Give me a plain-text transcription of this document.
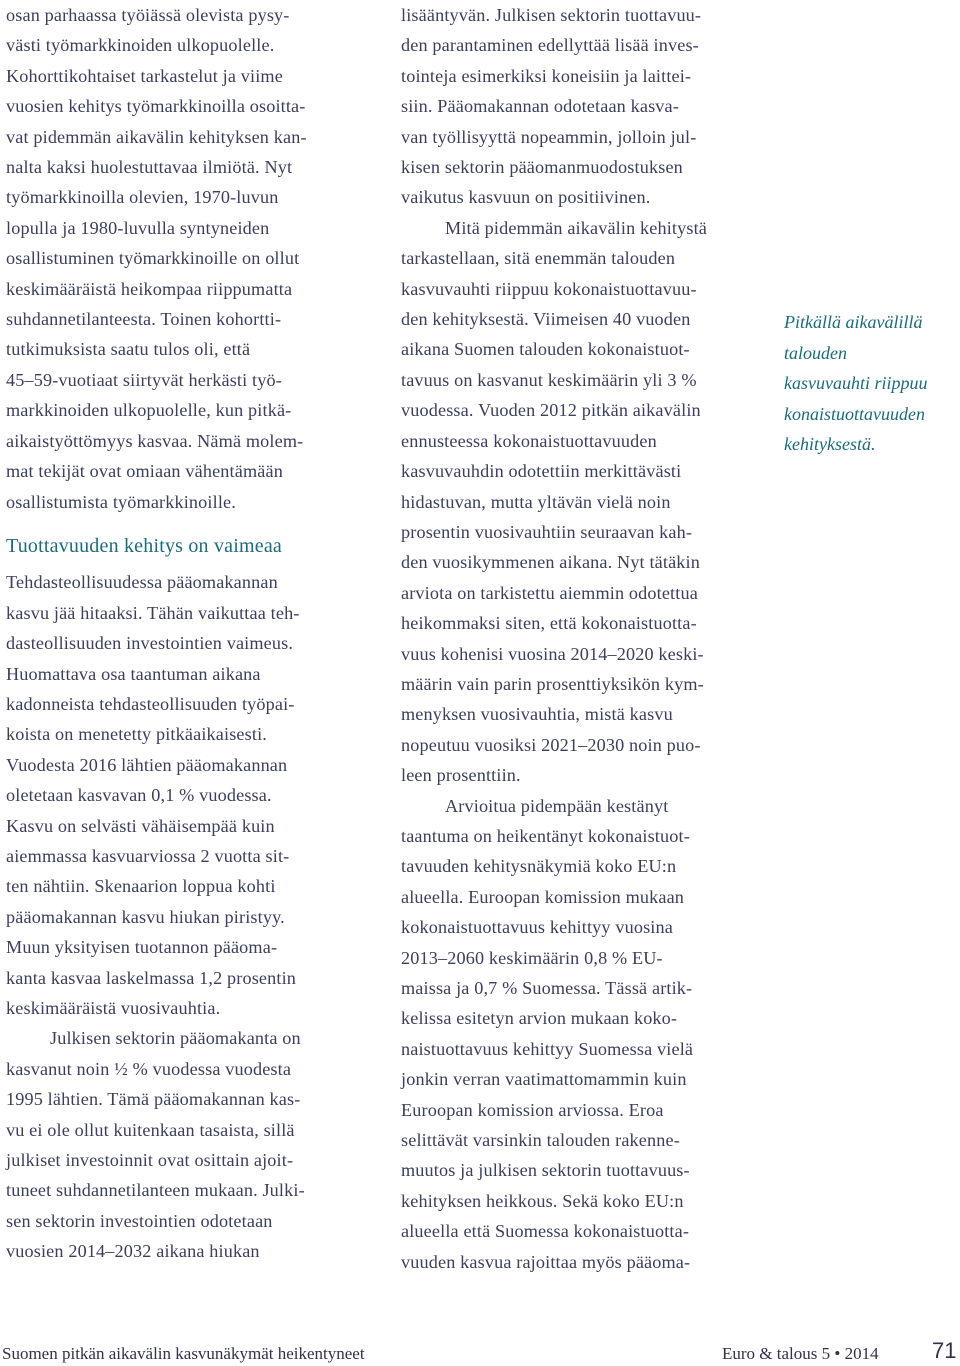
osan parhaassa työiässä olevista pysy-
västi työmarkkinoiden ulkopuolelle.
Kohorttikohtaiset tarkastelut ja viime
vuosien kehitys työmarkkinoilla osoitta-
vat pidemmän aikavälin kehityksen kan-
nalta kaksi huolestuttavaa ilmiötä. Nyt
työmarkkinoilla olevien, 1970-luvun
lopulla ja 1980-luvulla syntyneiden
osallistuminen työmarkkinoille on ollut
keskimääräistä heikompaa riippumatta
suhdannetilanteesta. Toinen kohortti-
tutkimuksista saatu tulos oli, että
45–59-vuotiaat siirtyvät herkästi työ-
markkinoiden ulkopuolelle, kun pitkä-
aikaistyöttömyys kasvaa. Nämä molem-
mat tekijät ovat omiaan vähentämään
osallistumista työmarkkinoille.
Tuottavuuden kehitys on vaimeaa
Tehdasteollisuudessa pääomakannan
kasvu jää hitaaksi. Tähän vaikuttaa teh-
dasteollisuuden investointien vaimeus.
Huomattava osa taantuman aikana
kadonneista tehdasteollisuuden työpai-
koista on menetetty pitkäaikaisesti.
Vuodesta 2016 lähtien pääomakannan
oletetaan kasvavan 0,1 % vuodessa.
Kasvu on selvästi vähäisempää kuin
aiemmassa kasvuarviossa 2 vuotta sit-
ten nähtiin. Skenaarion loppua kohti
pääomakannan kasvu hiukan piristyy.
Muun yksityisen tuotannon pääoma-
kanta kasvaa laskelmassa 1,2 prosentin
keskimääräistä vuosivauhtia.
Julkisen sektorin pääomakanta on
kasvanut noin ½ % vuodessa vuodesta
1995 lähtien. Tämä pääomakannan kas-
vu ei ole ollut kuitenkaan tasaista, sillä
julkiset investoinnit ovat osittain ajoit-
tuneet suhdannetilanteen mukaan. Julki-
sen sektorin investointien odotetaan
vuosien 2014–2032 aikana hiukan
lisääntyvän. Julkisen sektorin tuottavuu-
den parantaminen edellyttää lisää inves-
tointeja esimerkiksi koneisiin ja laittei-
siin. Pääomakannan odotetaan kasva-
van työllisyyttä nopeammin, jolloin jul-
kisen sektorin pääomanmuodostuksen
vaikutus kasvuun on positiivinen.
Mitä pidemmän aikavälin kehitystä
tarkastellaan, sitä enemmän talouden
kasvuvauhti riippuu kokonaistuottavuu-
den kehityksestä. Viimeisen 40 vuoden
aikana Suomen talouden kokonaistuot-
tavuus on kasvanut keskimäärin yli 3 %
vuodessa. Vuoden 2012 pitkän aikavälin
ennusteessa kokonaistuottavuuden
kasvuvauhdin odotettiin merkittävästi
hidastuvan, mutta yltävän vielä noin
prosentin vuosivauhtiin seuraavan kah-
den vuosikymmenen aikana. Nyt tätäkin
arviota on tarkistettu aiemmin odotettua
heikommaksi siten, että kokonaistuotta-
vuus kohenisi vuosina 2014–2020 keski-
määrin vain parin prosenttiyksikön kym-
menyksen vuosivauhtia, mistä kasvu
nopeutuu vuosiksi 2021–2030 noin puo-
leen prosenttiin.
Arvioitua pidempään kestänyt
taantuma on heikentänyt kokonaistuot-
tavuuden kehitysnäkymiä koko EU:n
alueella. Euroopan komission mukaan
kokonaistuottavuus kehittyy vuosina
2013–2060 keskimäärin 0,8 % EU-
maissa ja 0,7 % Suomessa. Tässä artik-
kelissa esitetyn arvion mukaan koko-
naistuottavuus kehittyy Suomessa vielä
jonkin verran vaatimattomammin kuin
Euroopan komission arviossa. Eroa
selittävät varsinkin talouden rakenne-
muutos ja julkisen sektorin tuottavuus-
kehityksen heikkous. Sekä koko EU:n
alueella että Suomessa kokonaistuotta-
vuuden kasvua rajoittaa myös pääoma-
Pitkällä aikavälillä
talouden
kasvuvauhti riippuu
konaistuottavuuden
kehityksestä.
Suomen pitkän aikavälin kasvunäkymät heikentyneet	Euro & talous 5 • 2014 71
